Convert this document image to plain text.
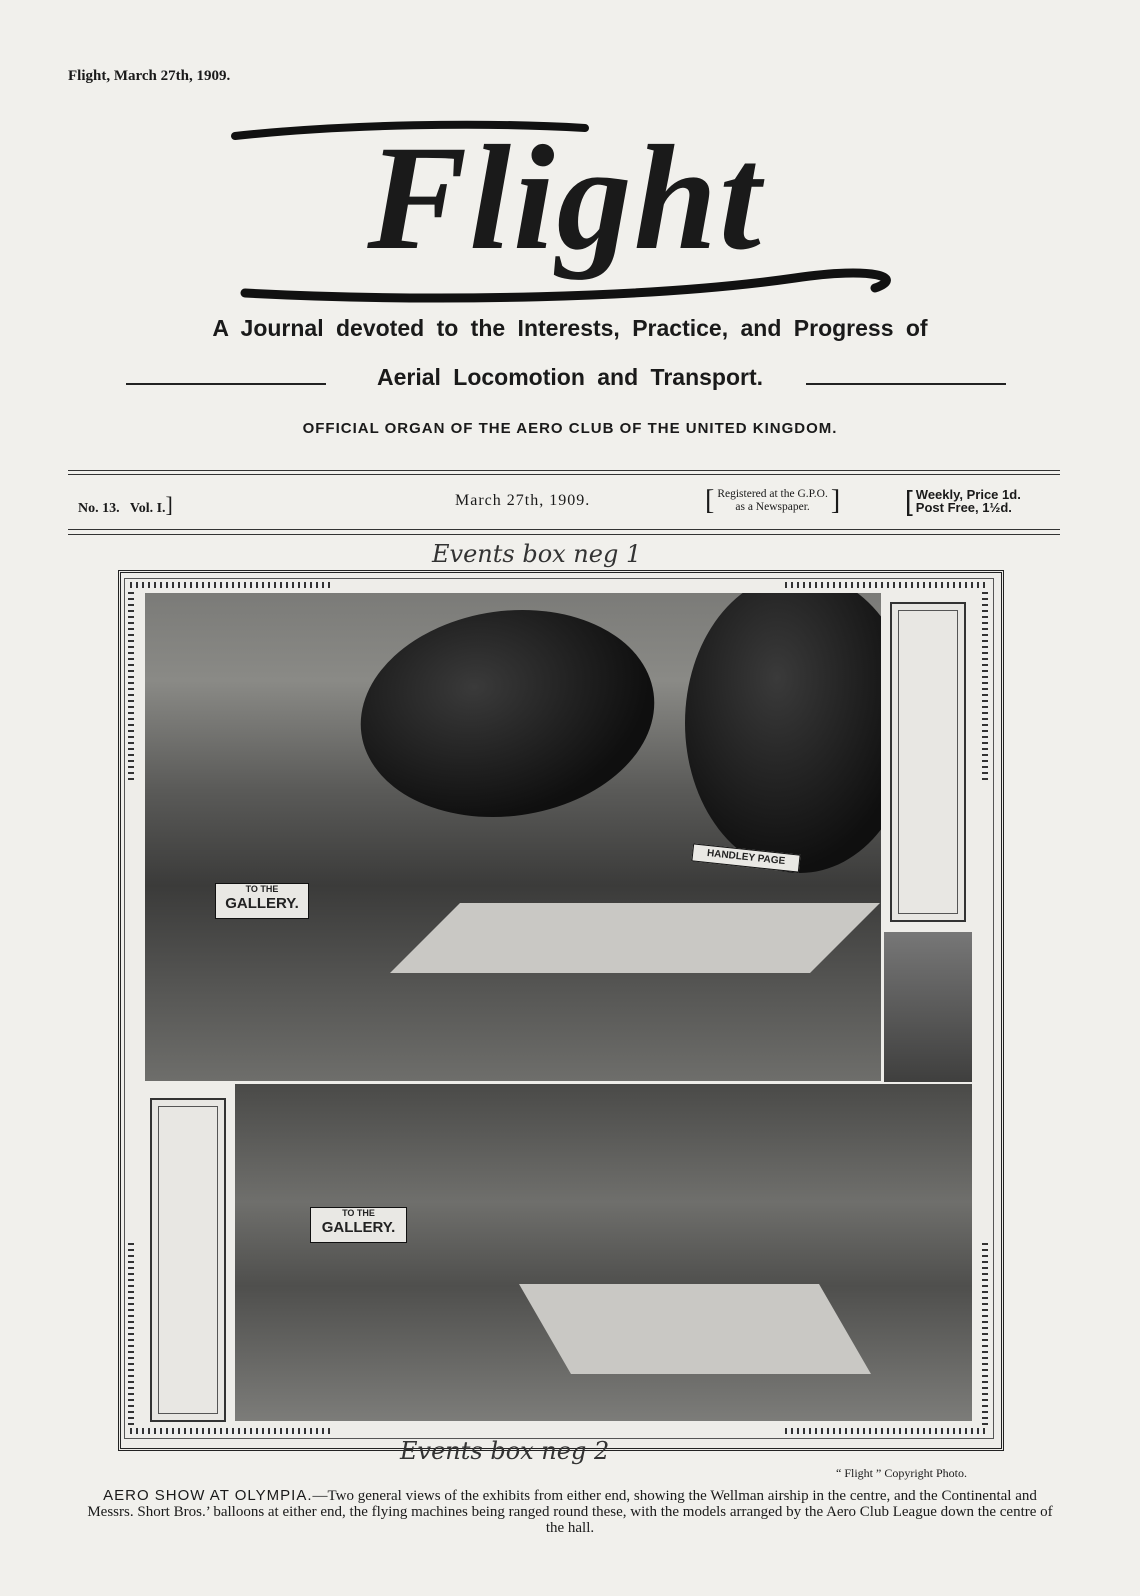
Flight, March 27th, 1909.
Flight
A Journal devoted to the Interests, Practice, and Progress of
Aerial Locomotion and Transport.
OFFICIAL ORGAN OF THE AERO CLUB OF THE UNITED KINGDOM.
No. 13. Vol. I.]	March 27th, 1909.	[ Registered at the G.P.O.
as a Newspaper. ] [ Weekly, Price 1d.
Post Free, 1½d.
Events box neg 1
TO THE
GALLERY.
HANDLEY PAGE
TO THE
GALLERY.
Events box neg 2
“ Flight ” Copyright Photo.
AERO SHOW AT OLYMPIA.—Two general views of the exhibits from either end, showing the Wellman airship in the centre, and the Continental and Messrs. Short Bros.’ balloons at either end, the flying machines being ranged round these, with the models arranged by the Aero Club League down the centre of the hall.
